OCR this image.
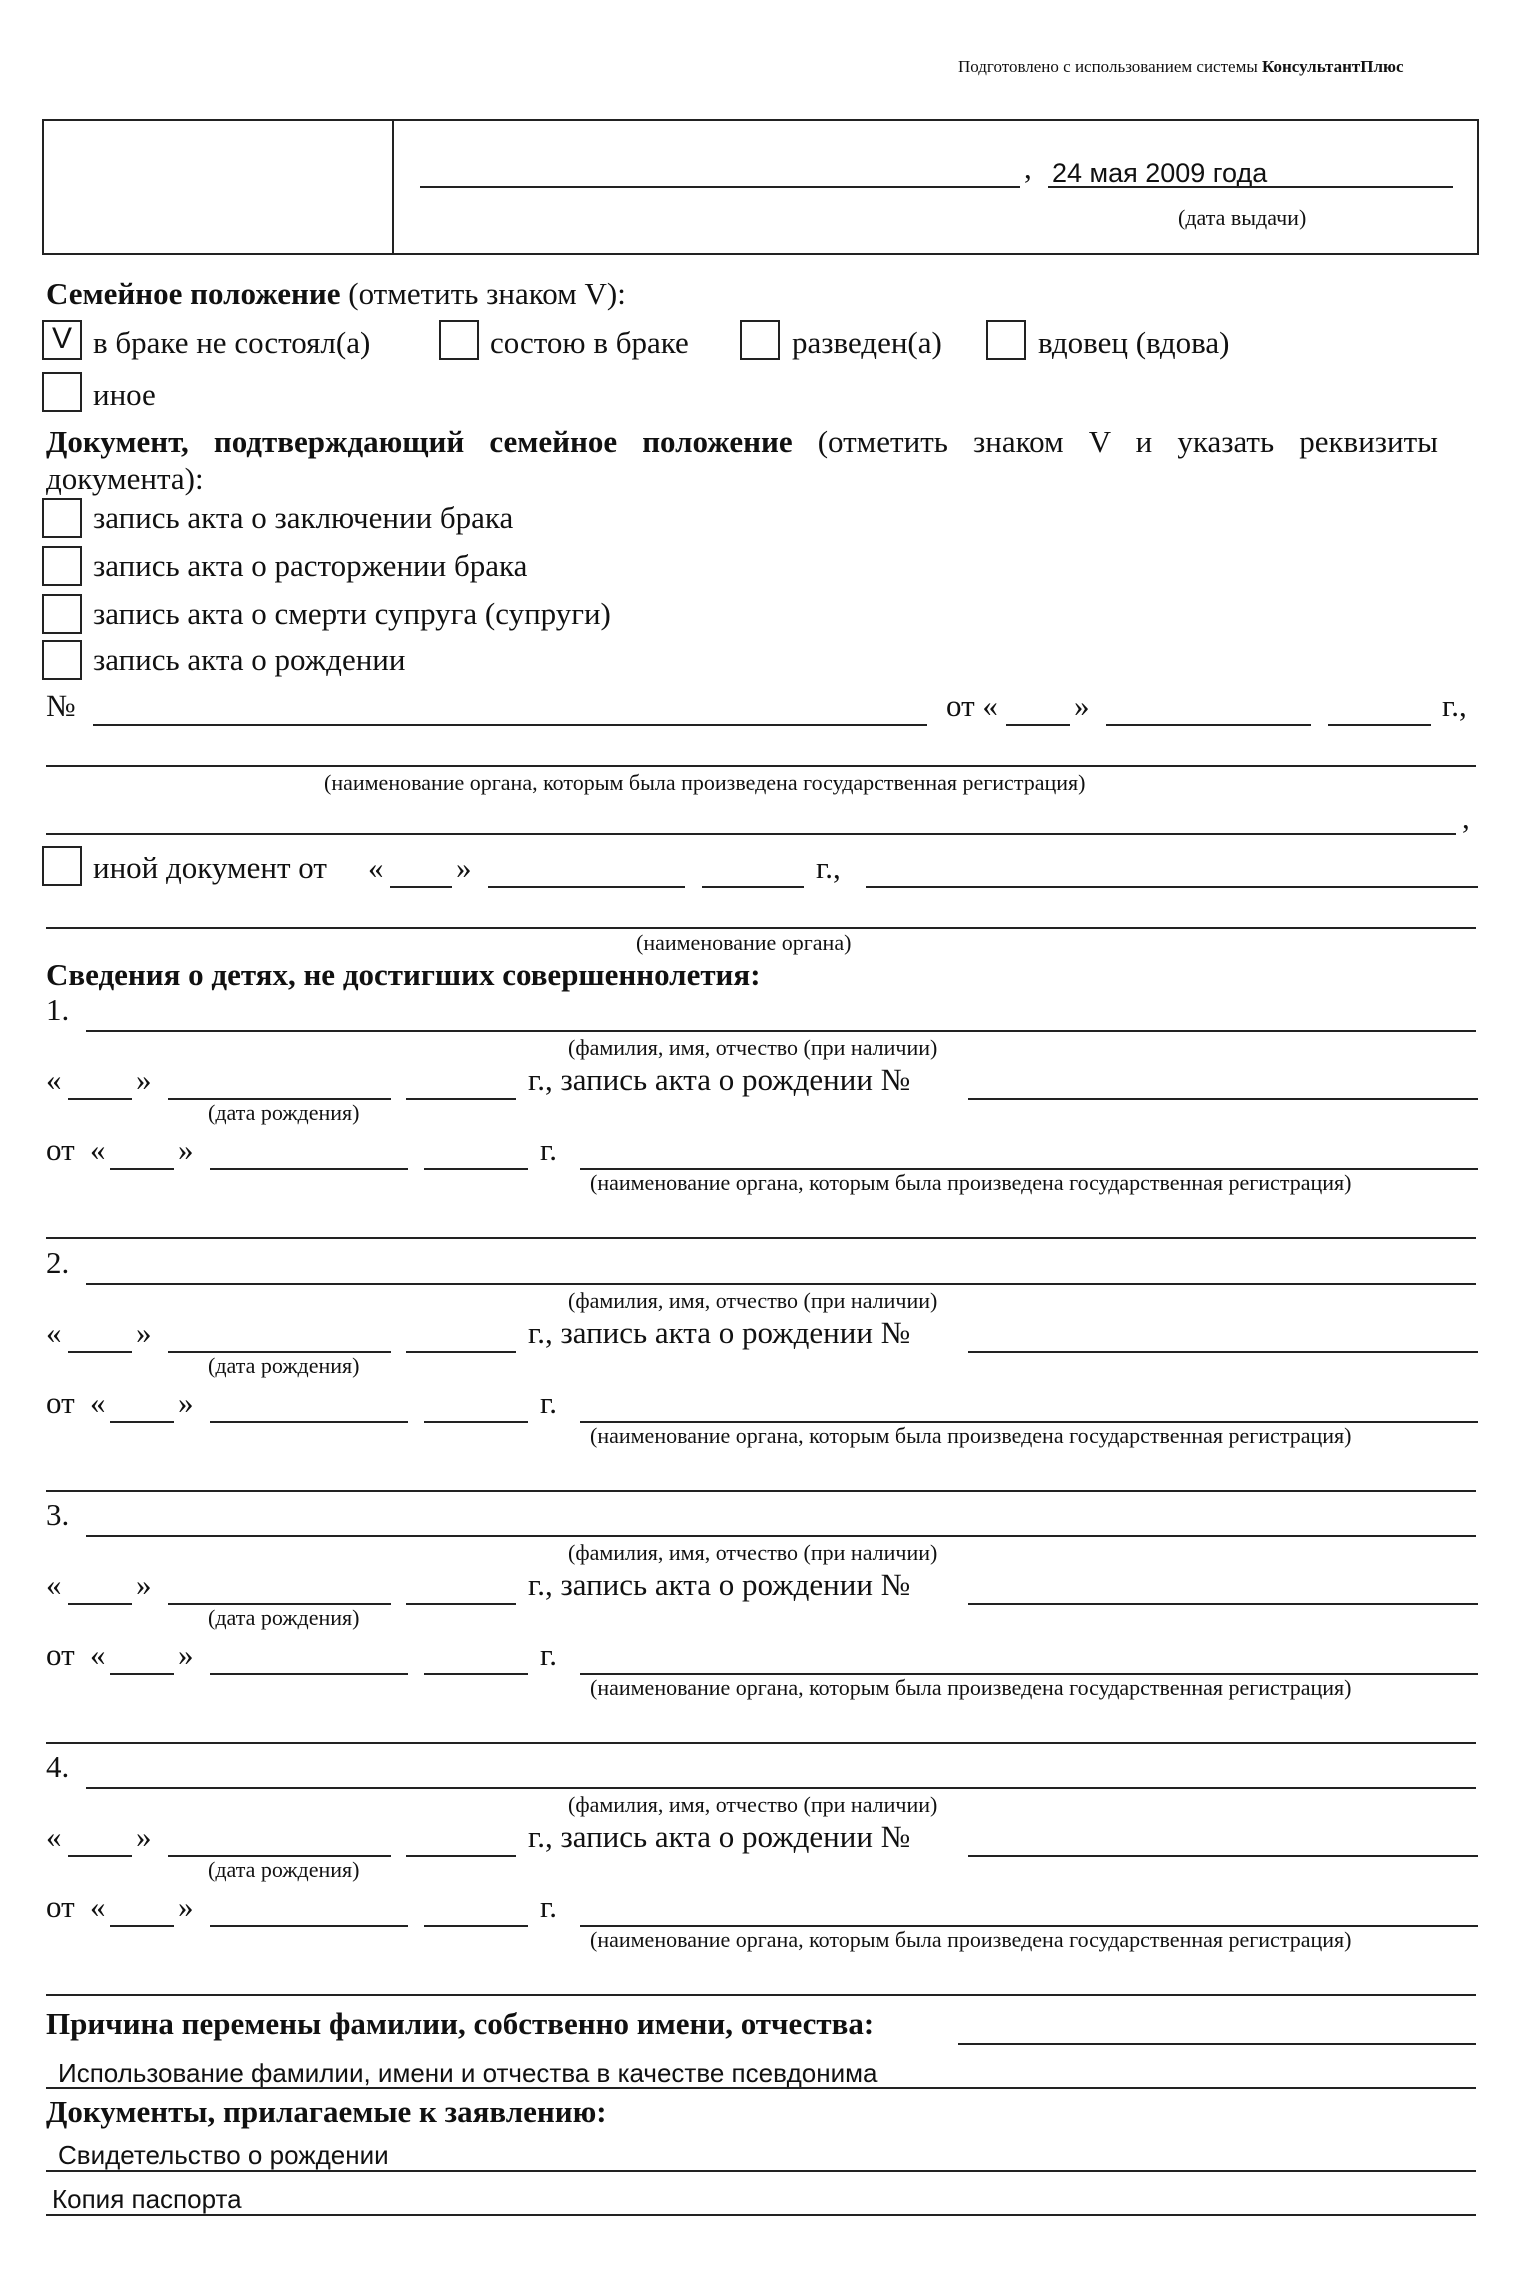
Подготовлено с использованием системы КонсультантПлюс
, 24 мая 2009 года
(дата выдачи)
Семейное положение (отметить знаком V):
V в браке не состоял(а)	состою в браке	разведен(а)	вдовец (вдова)
иное
Документ, подтверждающий семейное положение (отметить знаком V и указать реквизиты документа):
запись акта о заключении брака
запись акта о расторжении брака
запись акта о смерти супруга (супруги)
запись акта о рождении
№	от « »	г.,
(наименование органа, которым была произведена государственная регистрация)
,
иной документ от « »	г.,
(наименование органа)
Сведения о детях, не достигших совершеннолетия:
1.
(фамилия, имя, отчество (при наличии)
« »	г., запись акта о рождении №
(дата рождения)
от « »	г.
(наименование органа, которым была произведена государственная регистрация)
2.
(фамилия, имя, отчество (при наличии)
« »	г., запись акта о рождении №
(дата рождения)
от « »	г.
(наименование органа, которым была произведена государственная регистрация)
3.
(фамилия, имя, отчество (при наличии)
« »	г., запись акта о рождении №
(дата рождения)
от « »	г.
(наименование органа, которым была произведена государственная регистрация)
4.
(фамилия, имя, отчество (при наличии)
« »	г., запись акта о рождении №
(дата рождения)
от « »	г.
(наименование органа, которым была произведена государственная регистрация)
Причина перемены фамилии, собственно имени, отчества:
Использование фамилии, имени и отчества в качестве псевдонима
Документы, прилагаемые к заявлению:
Свидетельство о рождении
Копия паспорта
